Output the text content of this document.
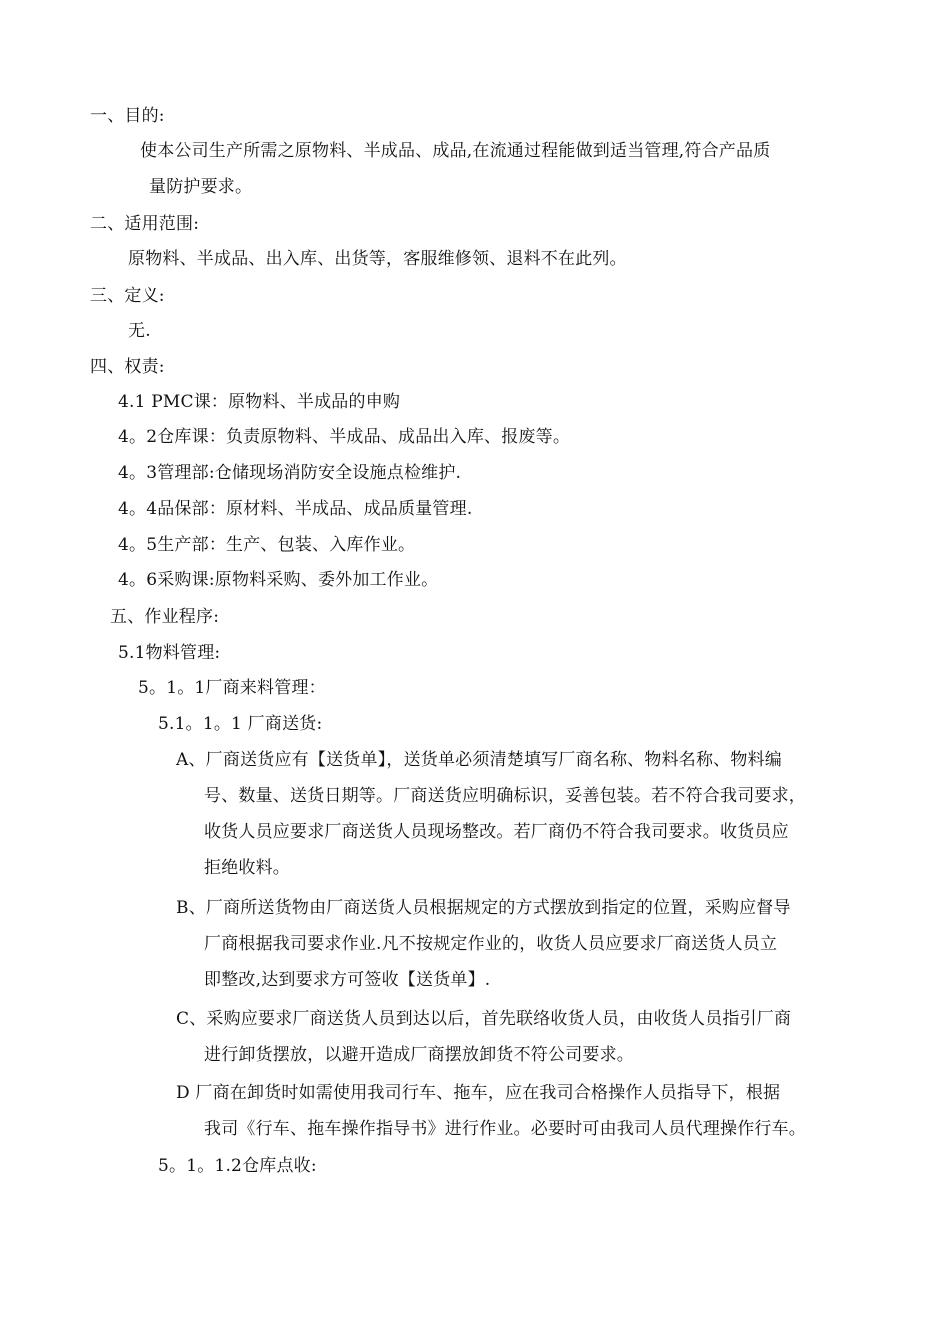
一、目的:
使本公司生产所需之原物料、半成品、成品,在流通过程能做到适当管理,符合产品质
量防护要求。
二、适用范围:
原物料、半成品、出入库、出货等，客服维修领、退料不在此列。
三、定义:
无.
四、权责:
4.1 PMC课：原物料、半成品的申购
4。2仓库课：负责原物料、半成品、成品出入库、报废等。
4。3管理部:仓储现场消防安全设施点检维护.
4。4品保部：原材料、半成品、成品质量管理.
4。5生产部：生产、包装、入库作业。
4。6采购课:原物料采购、委外加工作业。
五、作业程序:
5.1物料管理:
5。1。1厂商来料管理：
5.1。1。1 厂商送货:
A、厂商送货应有【送货单】，送货单必须清楚填写厂商名称、物料名称、物料编
号、数量、送货日期等。厂商送货应明确标识，妥善包装。若不符合我司要求，
收货人员应要求厂商送货人员现场整改。若厂商仍不符合我司要求。收货员应
拒绝收料。
B、厂商所送货物由厂商送货人员根据规定的方式摆放到指定的位置，采购应督导
厂商根据我司要求作业.凡不按规定作业的，收货人员应要求厂商送货人员立
即整改,达到要求方可签收【送货单】.
C、采购应要求厂商送货人员到达以后，首先联络收货人员，由收货人员指引厂商
进行卸货摆放，以避开造成厂商摆放卸货不符公司要求。
D 厂商在卸货时如需使用我司行车、拖车，应在我司合格操作人员指导下，根据
我司《行车、拖车操作指导书》进行作业。必要时可由我司人员代理操作行车。
5。1。1.2仓库点收:
